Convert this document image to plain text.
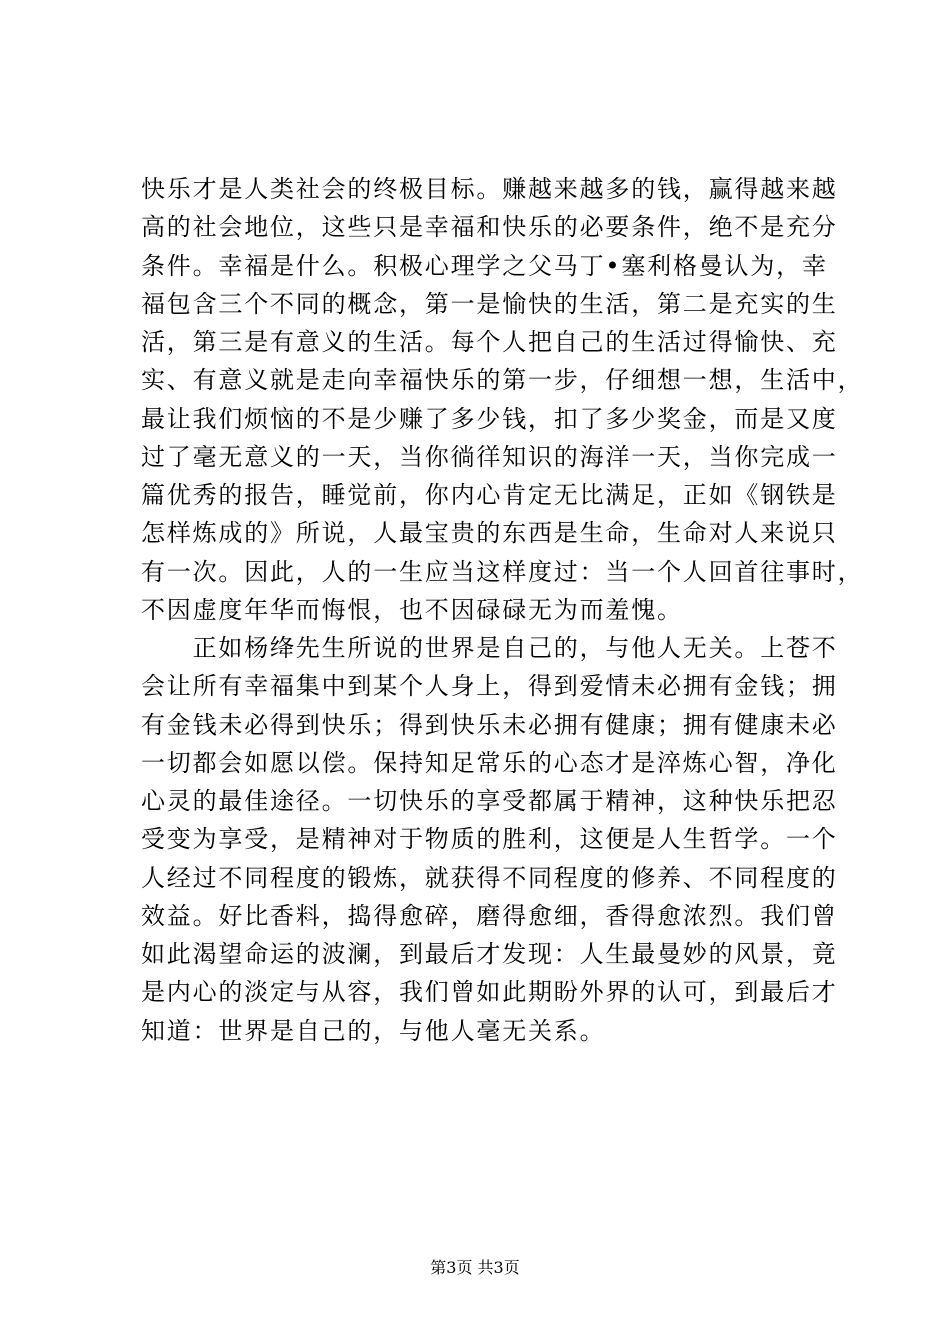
快乐才是人类社会的终极目标。赚越来越多的钱，赢得越来越
高的社会地位，这些只是幸福和快乐的必要条件，绝不是充分
条件。幸福是什么。积极心理学之父马丁•塞利格曼认为，幸
福包含三个不同的概念，第一是愉快的生活，第二是充实的生
活，第三是有意义的生活。每个人把自己的生活过得愉快、充
实、有意义就是走向幸福快乐的第一步，仔细想一想，生活中，
最让我们烦恼的不是少赚了多少钱，扣了多少奖金，而是又度
过了毫无意义的一天，当你徜徉知识的海洋一天，当你完成一
篇优秀的报告，睡觉前，你内心肯定无比满足，正如《钢铁是
怎样炼成的》所说，人最宝贵的东西是生命，生命对人来说只
有一次。因此，人的一生应当这样度过：当一个人回首往事时，
不因虚度年华而悔恨，也不因碌碌无为而羞愧。
　　正如杨绛先生所说的世界是自己的，与他人无关。上苍不
会让所有幸福集中到某个人身上，得到爱情未必拥有金钱；拥
有金钱未必得到快乐；得到快乐未必拥有健康；拥有健康未必
一切都会如愿以偿。保持知足常乐的心态才是淬炼心智，净化
心灵的最佳途径。一切快乐的享受都属于精神，这种快乐把忍
受变为享受，是精神对于物质的胜利，这便是人生哲学。一个
人经过不同程度的锻炼，就获得不同程度的修养、不同程度的
效益。好比香料，捣得愈碎，磨得愈细，香得愈浓烈。我们曾
如此渴望命运的波澜，到最后才发现：人生最曼妙的风景，竟
是内心的淡定与从容，我们曾如此期盼外界的认可，到最后才
知道：世界是自己的，与他人毫无关系。
第3页 共3页
